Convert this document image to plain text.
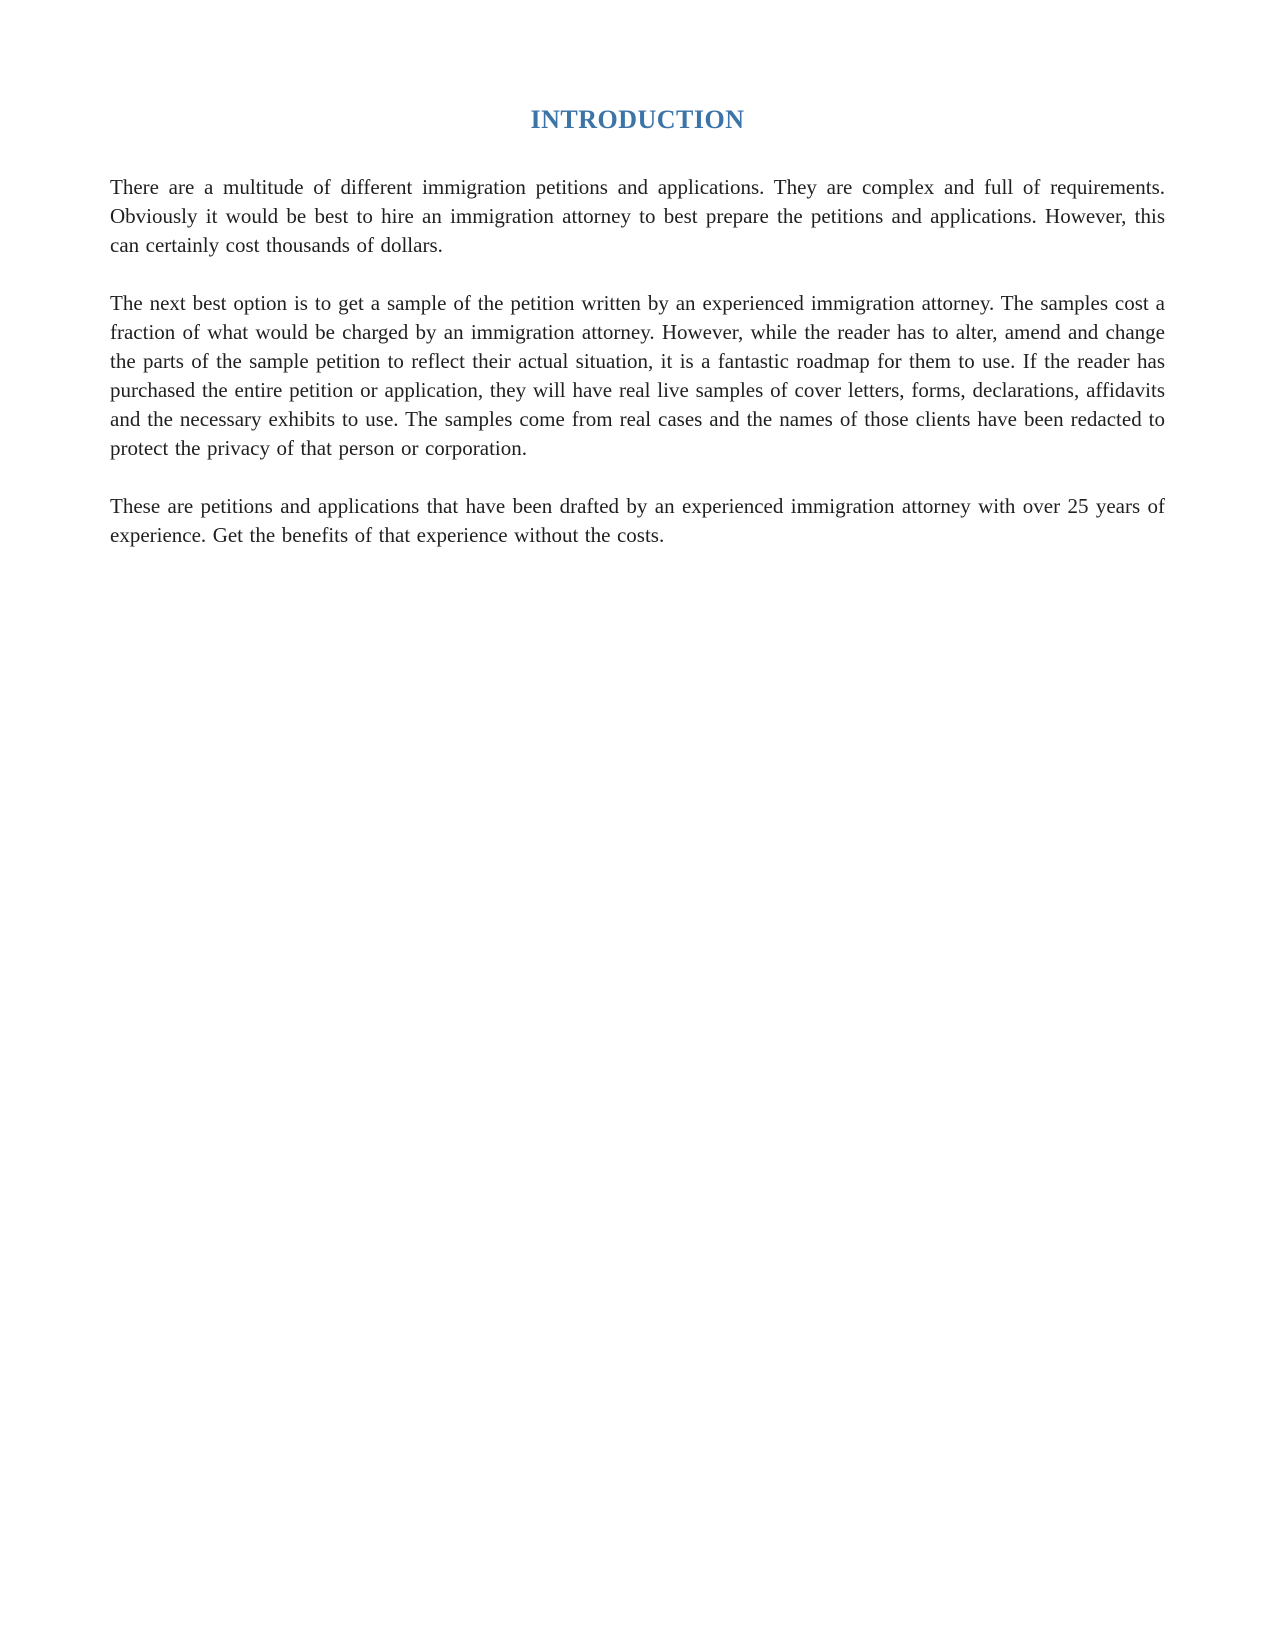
INTRODUCTION

There are a multitude of different immigration petitions and applications. They are complex and full of requirements. Obviously it would be best to hire an immigration attorney to best prepare the petitions and applications. However, this can certainly cost thousands of dollars.

The next best option is to get a sample of the petition written by an experienced immigration attorney. The samples cost a fraction of what would be charged by an immigration attorney. However, while the reader has to alter, amend and change the parts of the sample petition to reflect their actual situation, it is a fantastic roadmap for them to use. If the reader has purchased the entire petition or application, they will have real live samples of cover letters, forms, declarations, affidavits and the necessary exhibits to use. The samples come from real cases and the names of those clients have been redacted to protect the privacy of that person or corporation.

These are petitions and applications that have been drafted by an experienced immigration attorney with over 25 years of experience. Get the benefits of that experience without the costs.
